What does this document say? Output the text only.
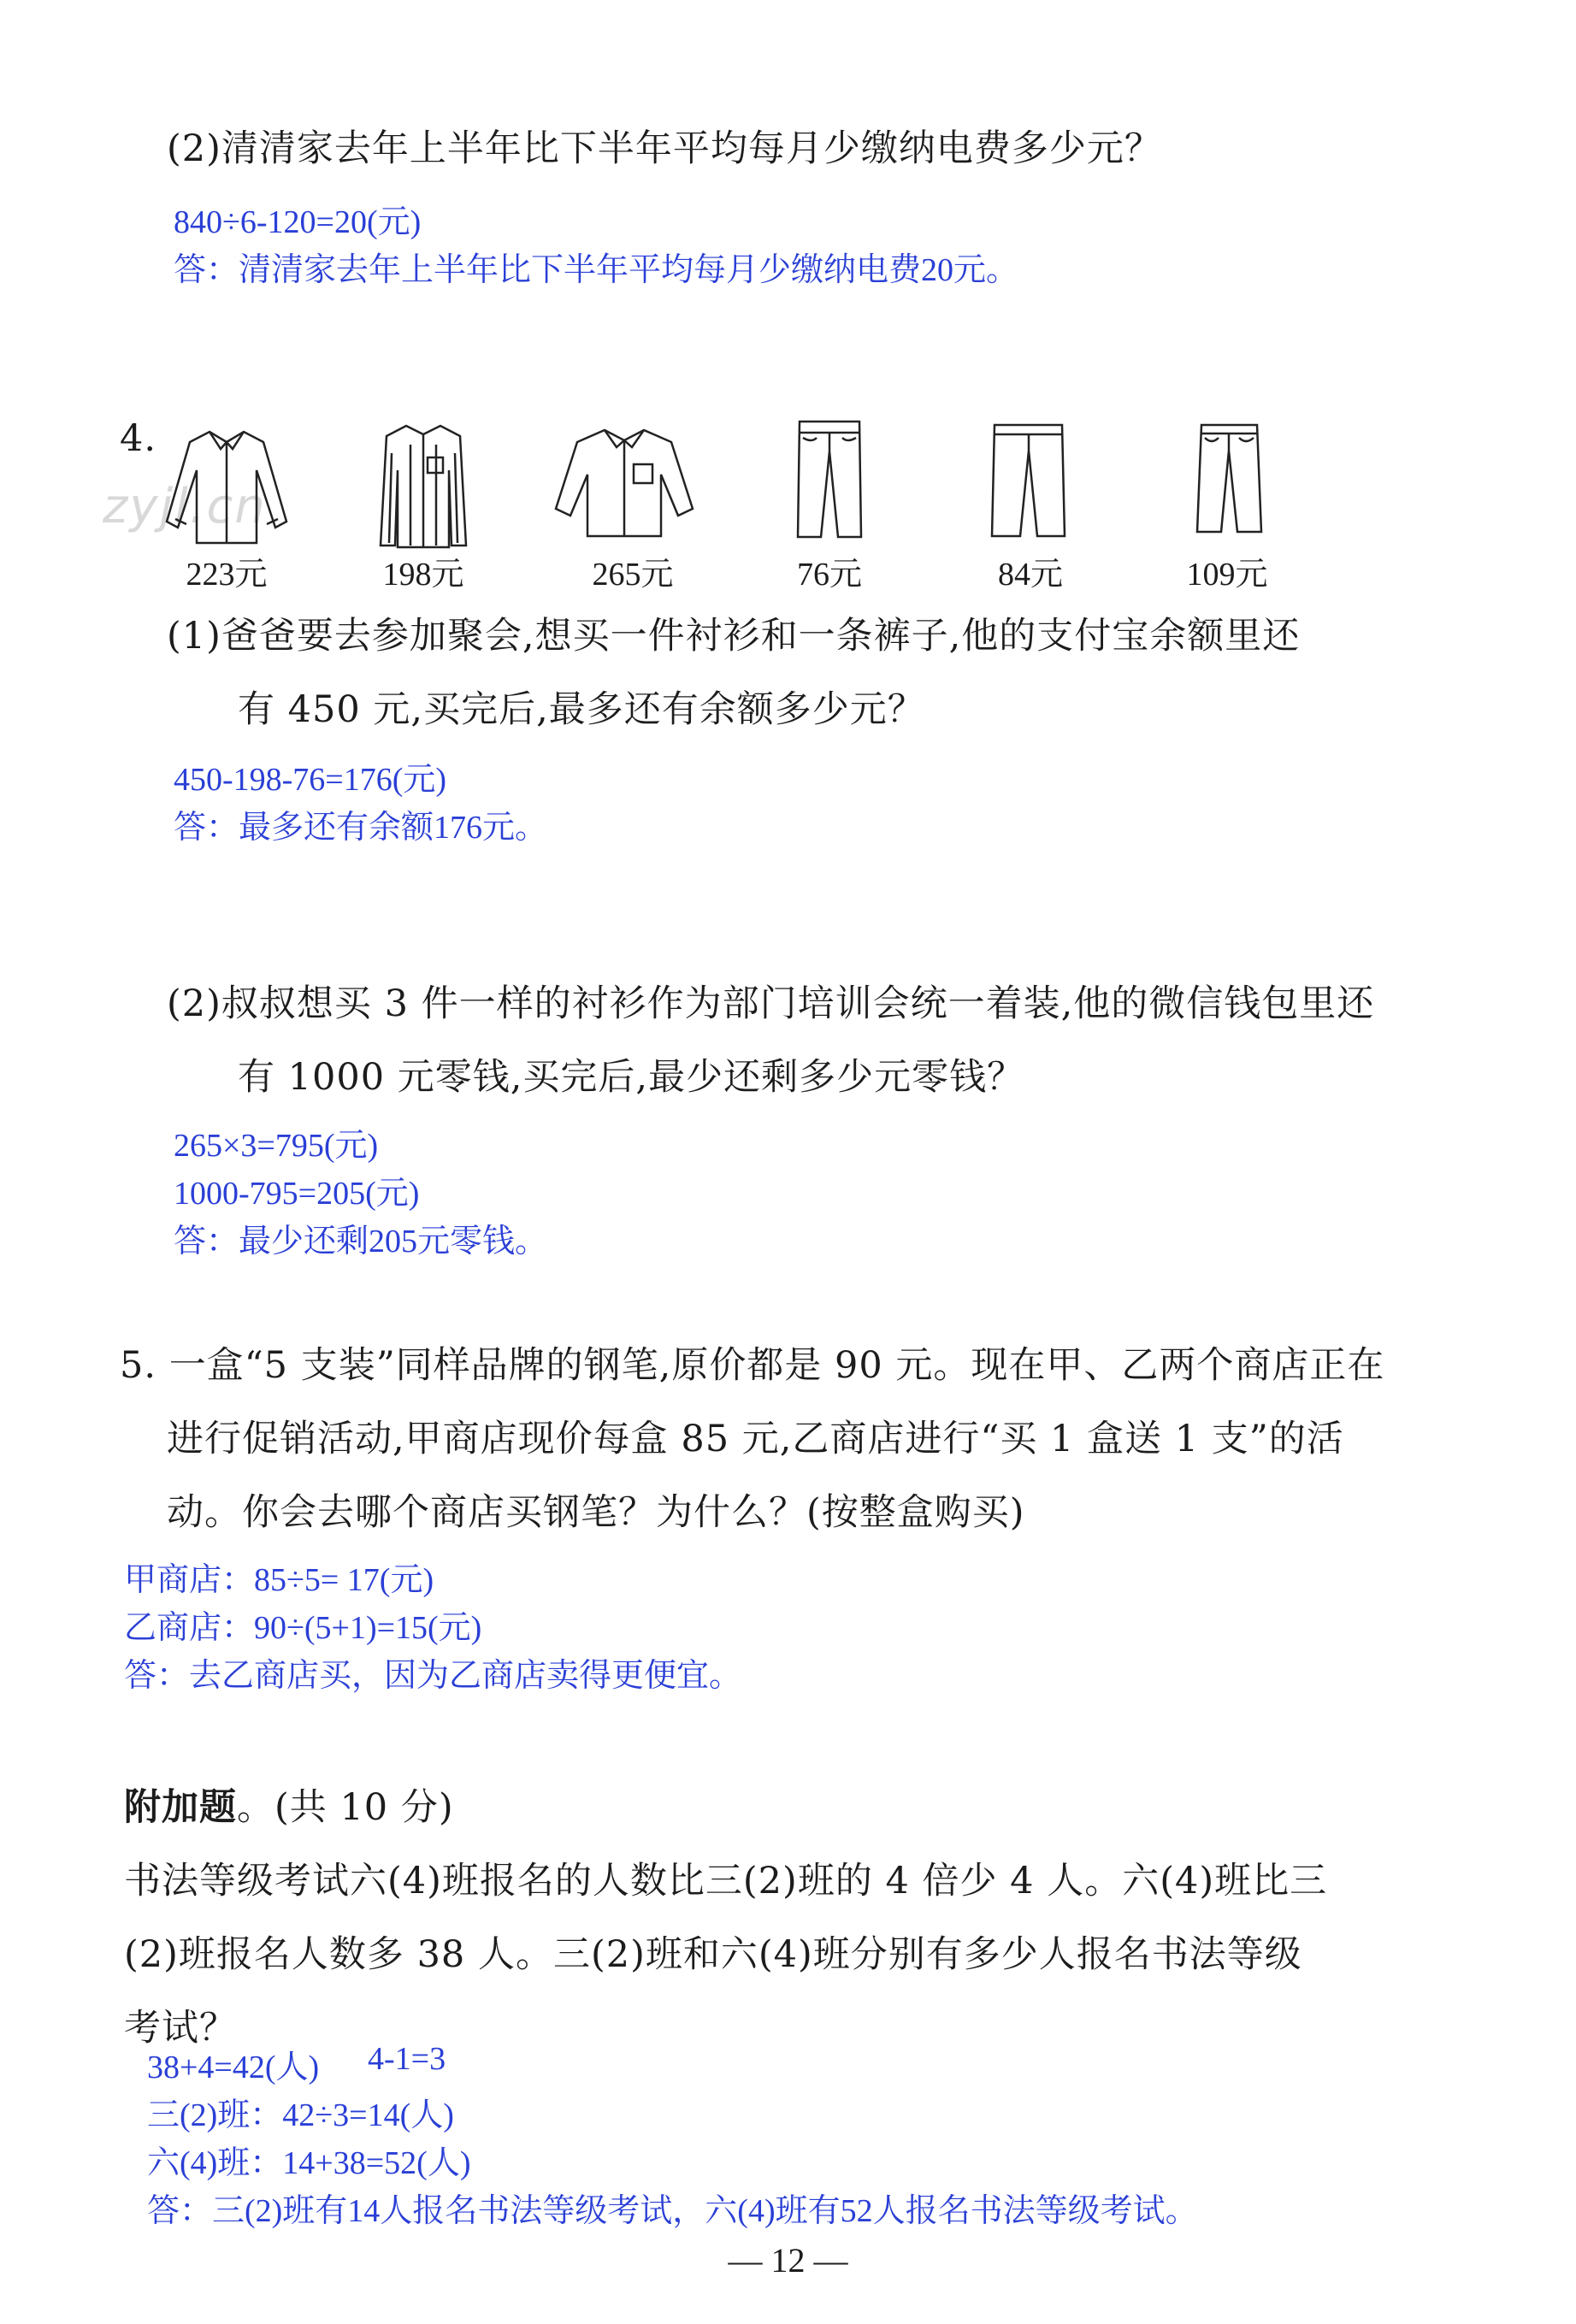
(2)清清家去年上半年比下半年平均每月少缴纳电费多少元？
840÷6-120=20(元)
答：清清家去年上半年比下半年平均每月少缴纳电费20元。
4.
zyjl.cn
223元	198元	265元	76元	84元	109元
(1)爸爸要去参加聚会,想买一件衬衫和一条裤子,他的支付宝余额里还
有 450 元,买完后,最多还有余额多少元？
450-198-76=176(元)
答：最多还有余额176元。
(2)叔叔想买 3 件一样的衬衫作为部门培训会统一着装,他的微信钱包里还
有 1000 元零钱,买完后,最少还剩多少元零钱？
265×3=795(元)
1000-795=205(元)
答：最少还剩205元零钱。
5. 一盒“5 支装”同样品牌的钢笔,原价都是 90 元。现在甲、乙两个商店正在
进行促销活动,甲商店现价每盒 85 元,乙商店进行“买 1 盒送 1 支”的活
动。你会去哪个商店买钢笔？为什么？(按整盒购买)
甲商店：85÷5= 17(元)
乙商店：90÷(5+1)=15(元)
答：去乙商店买，因为乙商店卖得更便宜。
附加题。(共 10 分)
书法等级考试六(4)班报名的人数比三(2)班的 4 倍少 4 人。六(4)班比三
(2)班报名人数多 38 人。三(2)班和六(4)班分别有多少人报名书法等级
考试？
38+4=42(人) 4-1=3
三(2)班：42÷3=14(人)
六(4)班：14+38=52(人)
答：三(2)班有14人报名书法等级考试，六(4)班有52人报名书法等级考试。
— 12 —
